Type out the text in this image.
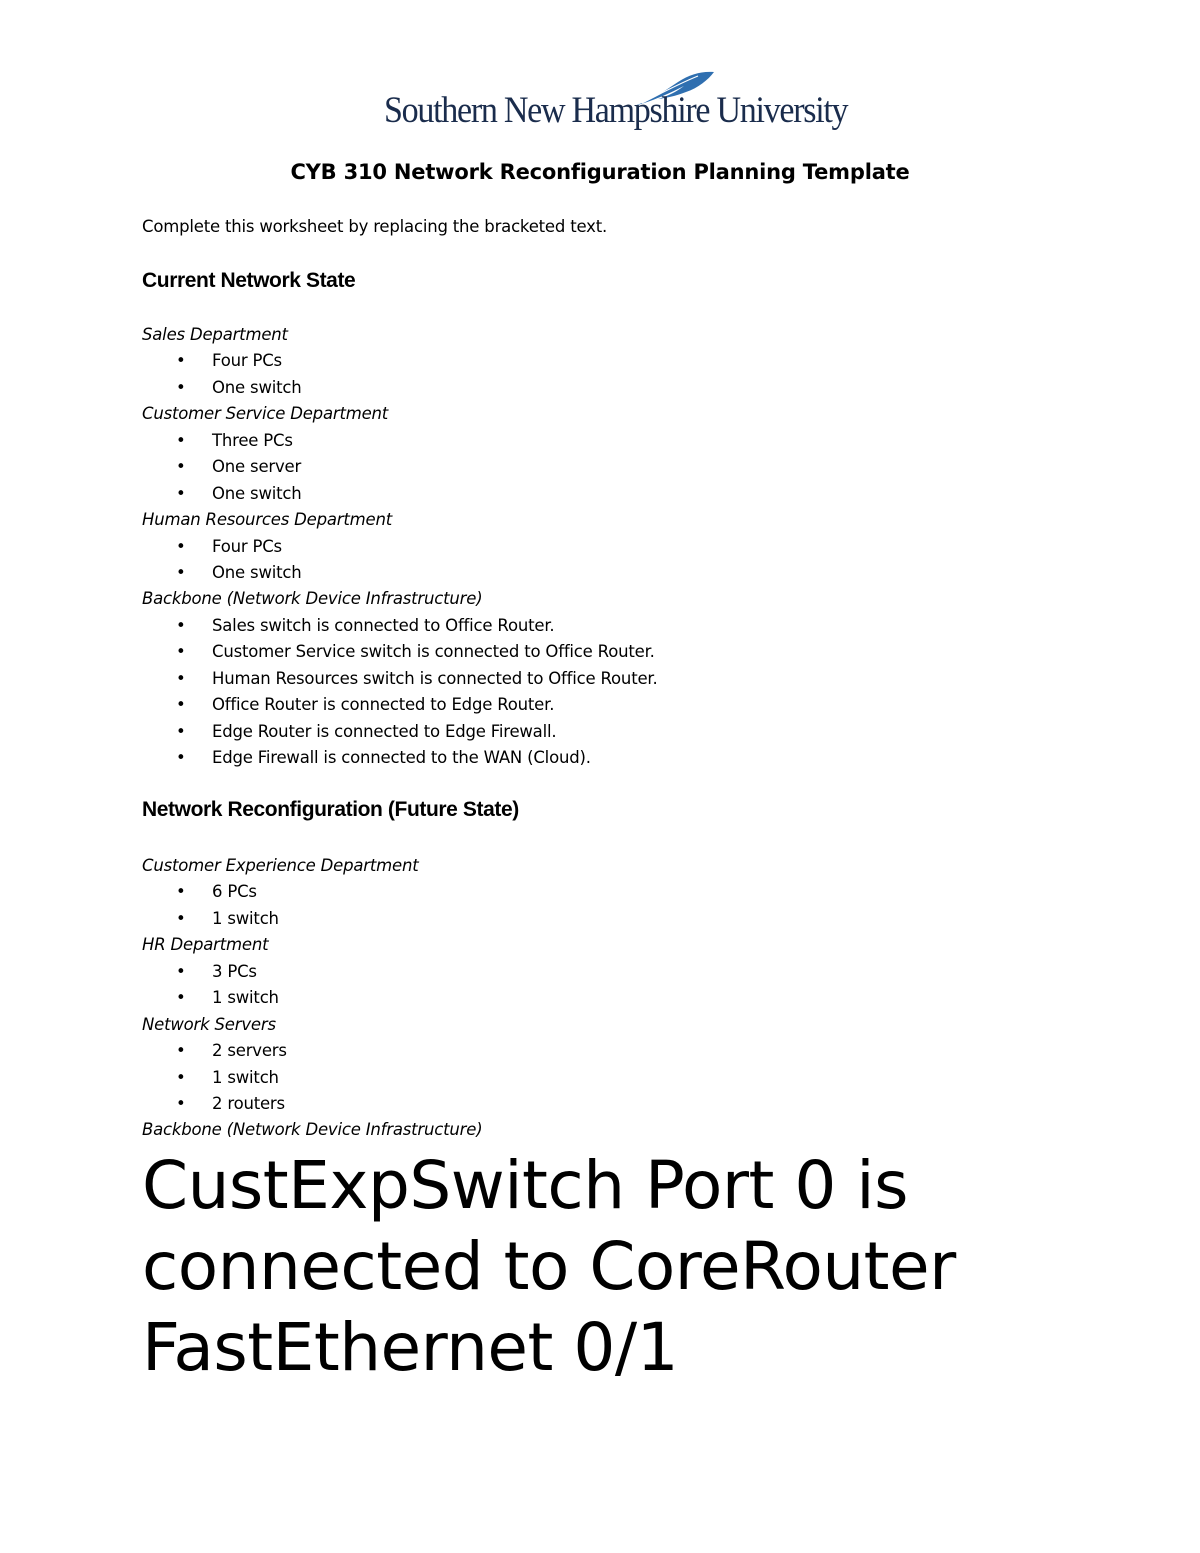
Southern New Hampshire University
CYB 310 Network Reconfiguration Planning Template
Complete this worksheet by replacing the bracketed text.
Current Network State
Sales Department
• Four PCs
• One switch
Customer Service Department
• Three PCs
• One server
• One switch
Human Resources Department
• Four PCs
• One switch
Backbone (Network Device Infrastructure)
• Sales switch is connected to Office Router.
• Customer Service switch is connected to Office Router.
• Human Resources switch is connected to Office Router.
• Office Router is connected to Edge Router.
• Edge Router is connected to Edge Firewall.
• Edge Firewall is connected to the WAN (Cloud).
Network Reconfiguration (Future State)
Customer Experience Department
• 6 PCs
• 1 switch
HR Department
• 3 PCs
• 1 switch
Network Servers
• 2 servers
• 1 switch
• 2 routers
Backbone (Network Device Infrastructure)
CustExpSwitch Port 0 is connected to CoreRouter FastEthernet 0/1
